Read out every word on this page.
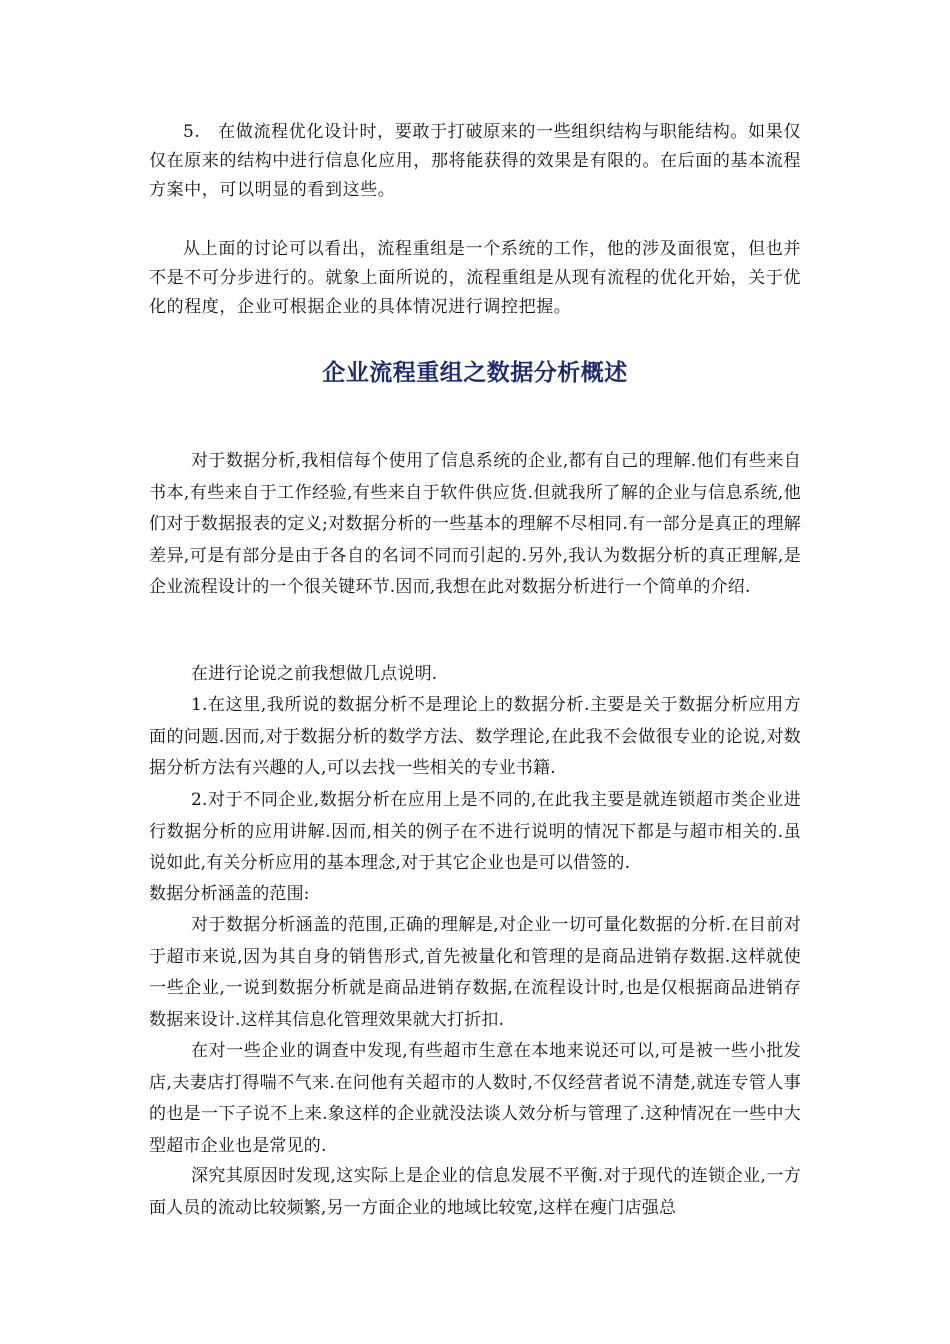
5.　在做流程优化设计时，要敢于打破原来的一些组织结构与职能结构。如果仅仅在原来的结构中进行信息化应用，那将能获得的效果是有限的。在后面的基本流程方案中，可以明显的看到这些。

从上面的讨论可以看出，流程重组是一个系统的工作，他的涉及面很宽，但也并不是不可分步进行的。就象上面所说的，流程重组是从现有流程的优化开始，关于优化的程度，企业可根据企业的具体情况进行调控把握。

企业流程重组之数据分析概述

对于数据分析,我相信每个使用了信息系统的企业,都有自己的理解.他们有些来自书本,有些来自于工作经验,有些来自于软件供应货.但就我所了解的企业与信息系统,他们对于数据报表的定义;对数据分析的一些基本的理解不尽相同.有一部分是真正的理解差异,可是有部分是由于各自的名词不同而引起的.另外,我认为数据分析的真正理解,是企业流程设计的一个很关键环节.因而,我想在此对数据分析进行一个简单的介绍.

在进行论说之前我想做几点说明.

1.在这里,我所说的数据分析不是理论上的数据分析.主要是关于数据分析应用方面的问题.因而,对于数据分析的数学方法、数学理论,在此我不会做很专业的论说,对数据分析方法有兴趣的人,可以去找一些相关的专业书籍.

2.对于不同企业,数据分析在应用上是不同的,在此我主要是就连锁超市类企业进行数据分析的应用讲解.因而,相关的例子在不进行说明的情况下都是与超市相关的.虽说如此,有关分析应用的基本理念,对于其它企业也是可以借签的.

数据分析涵盖的范围:

对于数据分析涵盖的范围,正确的理解是,对企业一切可量化数据的分析.在目前对于超市来说,因为其自身的销售形式,首先被量化和管理的是商品进销存数据.这样就使一些企业,一说到数据分析就是商品进销存数据,在流程设计时,也是仅根据商品进销存数据来设计.这样其信息化管理效果就大打折扣.

在对一些企业的调查中发现,有些超市生意在本地来说还可以,可是被一些小批发店,夫妻店打得喘不气来.在问他有关超市的人数时,不仅经营者说不清楚,就连专管人事的也是一下子说不上来.象这样的企业就没法谈人效分析与管理了.这种情况在一些中大型超市企业也是常见的.

深究其原因时发现,这实际上是企业的信息发展不平衡.对于现代的连锁企业,一方面人员的流动比较频繁,另一方面企业的地域比较宽,这样在瘦门店强总
